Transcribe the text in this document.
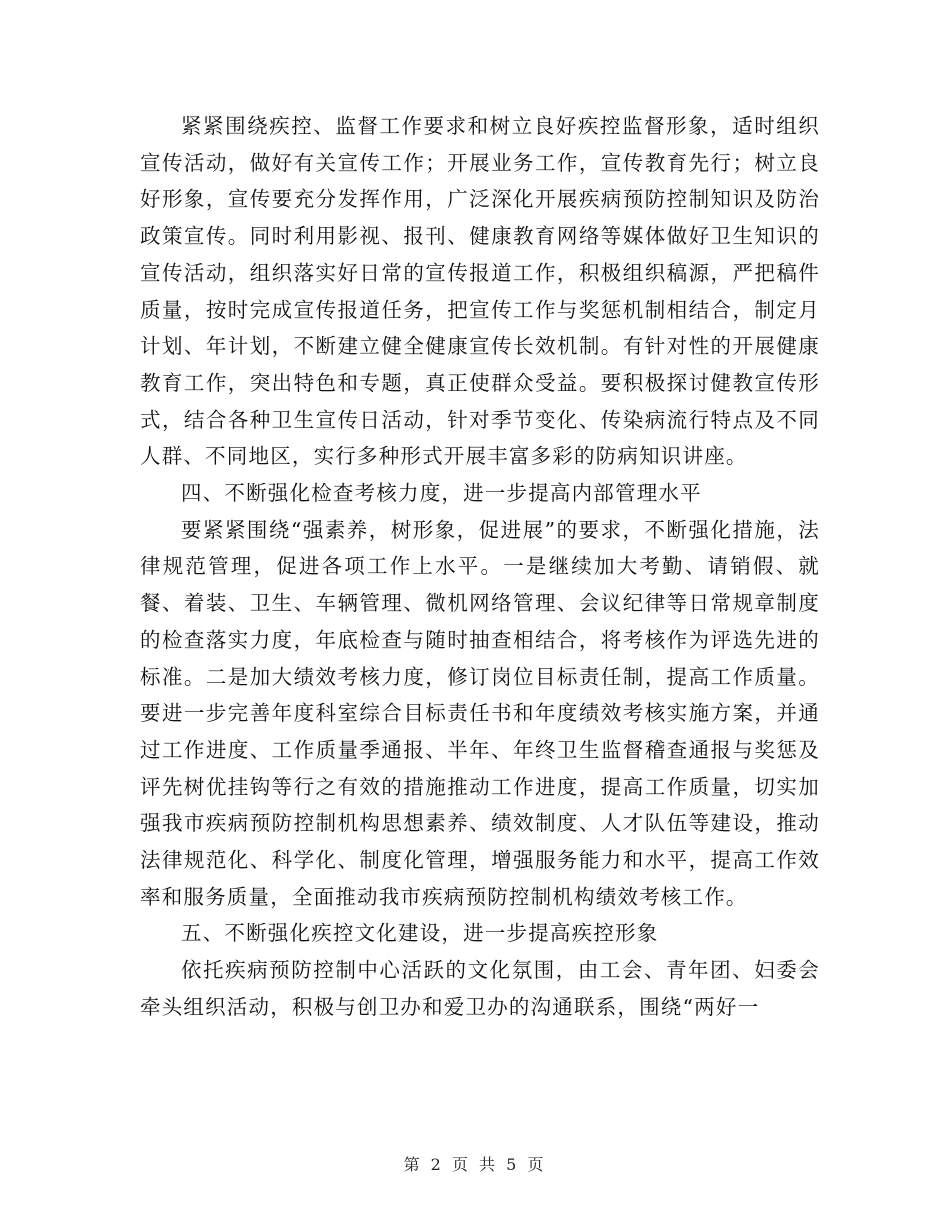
紧紧围绕疾控、监督工作要求和树立良好疾控监督形象，适时组织宣传活动，做好有关宣传工作；开展业务工作，宣传教育先行；树立良好形象，宣传要充分发挥作用，广泛深化开展疾病预防控制知识及防治政策宣传。同时利用影视、报刊、健康教育网络等媒体做好卫生知识的宣传活动，组织落实好日常的宣传报道工作，积极组织稿源，严把稿件质量，按时完成宣传报道任务，把宣传工作与奖惩机制相结合，制定月计划、年计划，不断建立健全健康宣传长效机制。有针对性的开展健康教育工作，突出特色和专题，真正使群众受益。要积极探讨健教宣传形式，结合各种卫生宣传日活动，针对季节变化、传染病流行特点及不同人群、不同地区，实行多种形式开展丰富多彩的防病知识讲座。

四、不断强化检查考核力度，进一步提高内部管理水平

要紧紧围绕“强素养，树形象，促进展”的要求，不断强化措施，法律规范管理，促进各项工作上水平。一是继续加大考勤、请销假、就餐、着装、卫生、车辆管理、微机网络管理、会议纪律等日常规章制度的检查落实力度，年底检查与随时抽查相结合，将考核作为评选先进的标准。二是加大绩效考核力度，修订岗位目标责任制，提高工作质量。要进一步完善年度科室综合目标责任书和年度绩效考核实施方案，并通过工作进度、工作质量季通报、半年、年终卫生监督稽查通报与奖惩及评先树优挂钩等行之有效的措施推动工作进度，提高工作质量，切实加强我市疾病预防控制机构思想素养、绩效制度、人才队伍等建设，推动法律规范化、科学化、制度化管理，增强服务能力和水平，提高工作效率和服务质量，全面推动我市疾病预防控制机构绩效考核工作。

五、不断强化疾控文化建设，进一步提高疾控形象

依托疾病预防控制中心活跃的文化氛围，由工会、青年团、妇委会牵头组织活动，积极与创卫办和爱卫办的沟通联系，围绕“两好一

第 2 页 共 5 页
